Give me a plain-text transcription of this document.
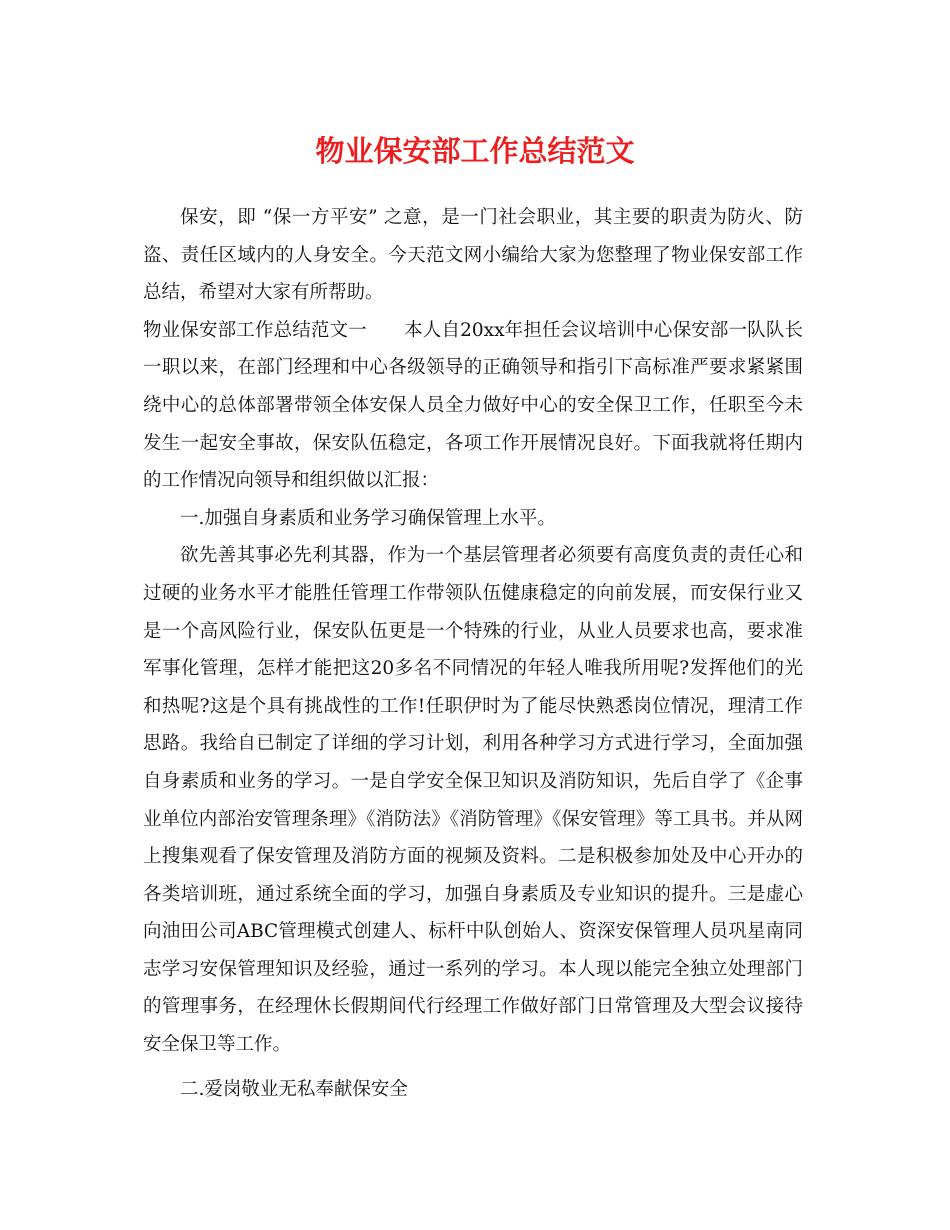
物业保安部工作总结范文

保安，即 “保一方平安” 之意，是一门社会职业，其主要的职责为防火、防盗、责任区域内的人身安全。今天范文网小编给大家为您整理了物业保安部工作总结，希望对大家有所帮助。

物业保安部工作总结范文一　　本人自20xx年担任会议培训中心保安部一队队长一职以来，在部门经理和中心各级领导的正确领导和指引下高标准严要求紧紧围绕中心的总体部署带领全体安保人员全力做好中心的安全保卫工作，任职至今未发生一起安全事故，保安队伍稳定，各项工作开展情况良好。下面我就将任期内的工作情况向领导和组织做以汇报：

一.加强自身素质和业务学习确保管理上水平。

欲先善其事必先利其器，作为一个基层管理者必须要有高度负责的责任心和过硬的业务水平才能胜任管理工作带领队伍健康稳定的向前发展，而安保行业又是一个高风险行业，保安队伍更是一个特殊的行业，从业人员要求也高，要求准军事化管理，怎样才能把这20多名不同情况的年轻人唯我所用呢?发挥他们的光和热呢?这是个具有挑战性的工作!任职伊时为了能尽快熟悉岗位情况，理清工作思路。我给自已制定了详细的学习计划，利用各种学习方式进行学习，全面加强自身素质和业务的学习。一是自学安全保卫知识及消防知识，先后自学了《企事业单位内部治安管理条理》《消防法》《消防管理》《保安管理》等工具书。并从网上搜集观看了保安管理及消防方面的视频及资料。二是积极参加处及中心开办的各类培训班，通过系统全面的学习，加强自身素质及专业知识的提升。三是虚心向油田公司ABC管理模式创建人、标杆中队创始人、资深安保管理人员巩星南同志学习安保管理知识及经验，通过一系列的学习。本人现以能完全独立处理部门的管理事务，在经理休长假期间代行经理工作做好部门日常管理及大型会议接待安全保卫等工作。

二.爱岗敬业无私奉献保安全
